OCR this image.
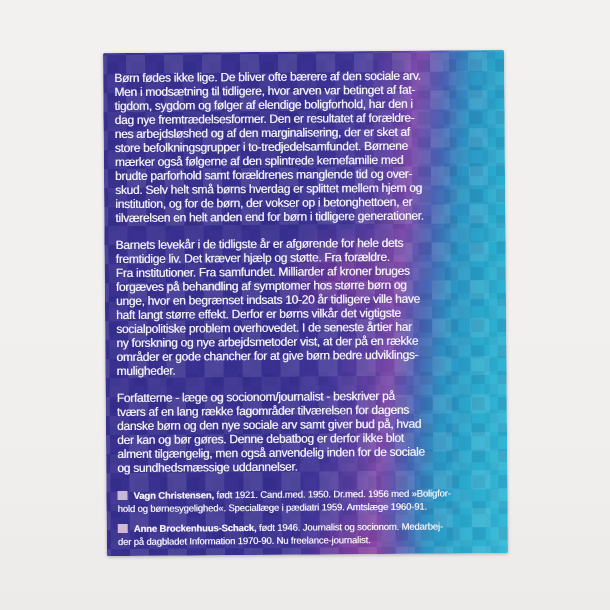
Børn fødes ikke lige. De bliver ofte bærere af den sociale arv.
Men i modsætning til tidligere, hvor arven var betinget af fat-
tigdom, sygdom og følger af elendige boligforhold, har den i
dag nye fremtrædelsesformer. Den er resultatet af forældre-
nes arbejdsløshed og af den marginalisering, der er sket af
store befolkningsgrupper i to-tredjedelsamfundet. Børnene
mærker også følgerne af den splintrede kernefamilie med
brudte parforhold samt forældrenes manglende tid og over-
skud. Selv helt små børns hverdag er splittet mellem hjem og
institution, og for de børn, der vokser op i betonghettoen, er
tilværelsen en helt anden end for børn i tidligere generationer.

Barnets levekår i de tidligste år er afgørende for hele dets
fremtidige liv. Det kræver hjælp og støtte. Fra forældre.
Fra institutioner. Fra samfundet. Milliarder af kroner bruges
forgæves på behandling af symptomer hos større børn og
unge, hvor en begrænset indsats 10-20 år tidligere ville have
haft langt større effekt. Derfor er børns vilkår det vigtigste
socialpolitiske problem overhovedet. I de seneste årtier har
ny forskning og nye arbejdsmetoder vist, at der på en række
områder er gode chancher for at give børn bedre udviklings-
muligheder.

Forfatterne - læge og socionom/journalist - beskriver på
tværs af en lang række fagområder tilværelsen for dagens
danske børn og den nye sociale arv samt giver bud på, hvad
der kan og bør gøres. Denne debatbog er derfor ikke blot
alment tilgængelig, men også anvendelig inden for de sociale
og sundhedsmæssige uddannelser.

Vagn Christensen, født 1921. Cand.med. 1950. Dr.med. 1956 med »Boligfor-
hold og børnesygelighed«. Speciallæge i pædiatri 1959. Amtslæge 1960-91.

Anne Brockenhuus-Schack, født 1946. Journalist og socionom. Medarbej-
der på dagbladet Information 1970-90. Nu freelance-journalist.
